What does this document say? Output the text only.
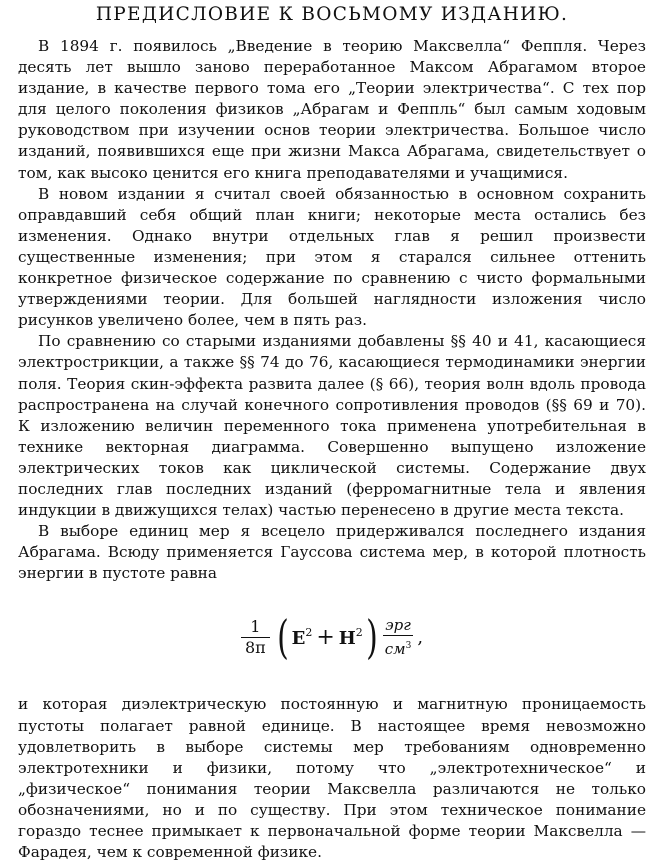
ПРЕДИСЛОВИЕ К ВОСЬМОМУ ИЗДАНИЮ.

В 1894 г. появилось „Введение в теорию Максвелла“ Феппля. Через десять лет вышло заново переработанное Максом Абрагамом второе издание, в качестве первого тома его „Теории электричества“. С тех пор для целого поколения физиков „Абрагам и Феппль“ был самым ходовым руководством при изучении основ теории электричества. Большое число изданий, появившихся еще при жизни Макса Абрагама, свидетельствует о том, как высоко ценится его книга преподавателями и учащимися.

В новом издании я считал своей обязанностью в основном сохранить оправдавший себя общий план книги; некоторые места остались без изменения. Однако внутри отдельных глав я решил произвести существенные изменения; при этом я старался сильнее оттенить конкретное физическое содержание по сравнению с чисто формальными утверждениями теории. Для большей наглядности изложения число рисунков увеличено более, чем в пять раз.

По сравнению со старыми изданиями добавлены §§ 40 и 41, касающиеся электрострикции, а также §§ 74 до 76, касающиеся термодинамики энергии поля. Теория скин-эффекта развита далее (§ 66), теория волн вдоль провода распространена на случай конечного сопротивления проводов (§§ 69 и 70). К изложению величин переменного тока применена употребительная в технике векторная диаграмма. Совершенно выпущено изложение электрических токов как циклической системы. Содержание двух последних глав последних изданий (ферромагнитные тела и явления индукции в движущихся телах) частью перенесено в другие места текста.

В выборе единиц мер я всецело придерживался последнего издания Абрагама. Всюду применяется Гауссова система мер, в которой плотность энергии в пустоте равна

$\frac{1}{8\pi}$ ( $E^2 + H^2$ ) эрг
$см^3$ ,

и которая диэлектрическую постоянную и магнитную проницаемость пустоты полагает равной единице. В настоящее время невозможно удовлетворить в выборе системы мер требованиям одновременно электротехники и физики, потому что „электротехническое“ и „физическое“ понимания теории Максвелла различаются не только обозначениями, но и по существу. При этом техническое понимание гораздо теснее примыкает к первоначальной форме теории Максвелла — Фарадея, чем к современной физике.
